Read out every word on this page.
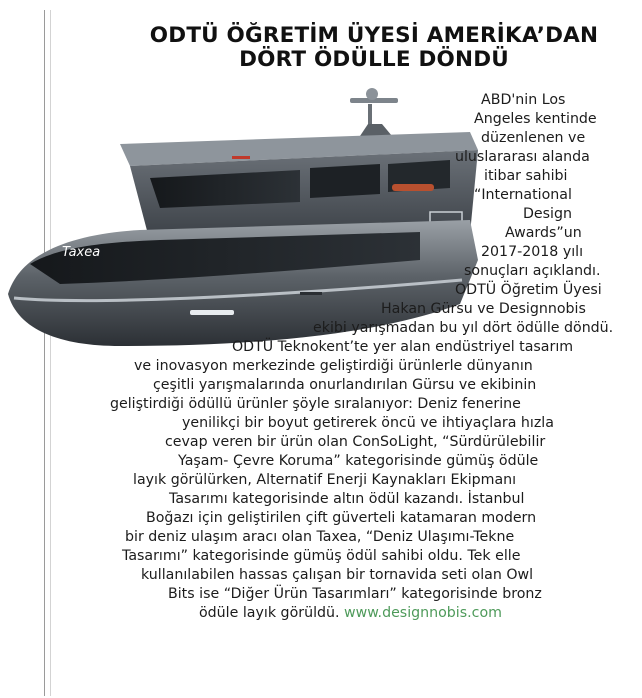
ODTÜ ÖĞRETİM ÜYESİ AMERİKA’DAN
DÖRT ÖDÜLLE DÖNDÜ
Taxea
ABD'nin Los
Angeles kentinde
düzenlenen ve
uluslararası alanda
itibar sahibi
“International
Design
Awards”un
2017-2018 yılı
sonuçları açıklandı.
ODTÜ Öğretim Üyesi
Hakan Gürsu ve Designnobis
ekibi yarışmadan bu yıl dört ödülle döndü.
ODTÜ Teknokent’te yer alan endüstriyel tasarım
ve inovasyon merkezinde geliştirdiği ürünlerle dünyanın
çeşitli yarışmalarında onurlandırılan Gürsu ve ekibinin
geliştirdiği ödüllü ürünler şöyle sıralanıyor: Deniz fenerine
yenilikçi bir boyut getirerek öncü ve ihtiyaçlara hızla
cevap veren bir ürün olan ConSoLight, “Sürdürülebilir
Yaşam- Çevre Koruma” kategorisinde gümüş ödüle
layık görülürken, Alternatif Enerji Kaynakları Ekipmanı
Tasarımı kategorisinde altın ödül kazandı. İstanbul
Boğazı için geliştirilen çift güverteli katamaran modern
bir deniz ulaşım aracı olan Taxea, “Deniz Ulaşımı-Tekne
Tasarımı” kategorisinde gümüş ödül sahibi oldu. Tek elle
kullanılabilen hassas çalışan bir tornavida seti olan Owl
Bits ise “Diğer Ürün Tasarımları” kategorisinde bronz
ödüle layık görüldü. www.designnobis.com
